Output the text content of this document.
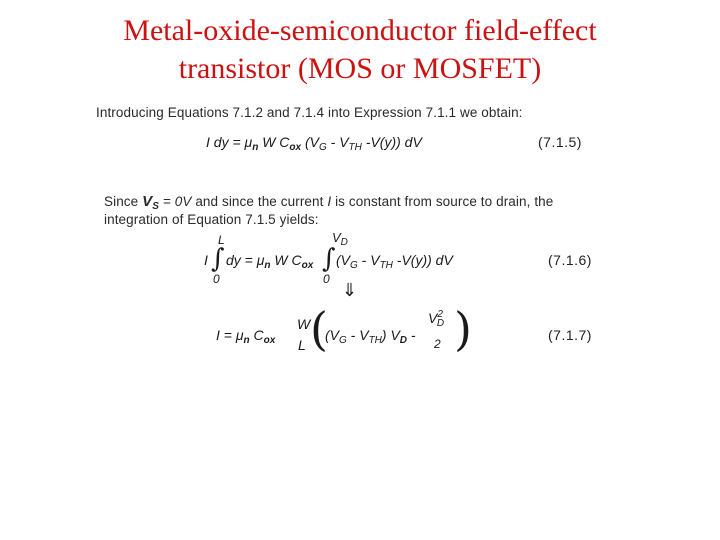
Metal-oxide-semiconductor field-effect
transistor (MOS or MOSFET)
Introducing Equations 7.1.2 and 7.1.4 into Expression 7.1.1 we obtain:
I dy = $\mu_n$ W $C_{ox}$ ($V_G - V_{TH}$ -V(y)) dV	(7.1.5)
Since $V_S = 0V$ and since the current I is constant from source to drain, the
integration of Equation 7.1.5 yields:
L
I ∫
0
dy = $\mu_n$ W $C_{ox}$
$V_D$
∫
0
($V_G - V_{TH}$ -V(y)) dV	(7.1.6)
⇓
$I = \mu_n$ $C_{ox}$
W
L (
$(V_G - V_{TH})$ $V_D$ -
$V^2_D$
2 )	(7.1.7)
